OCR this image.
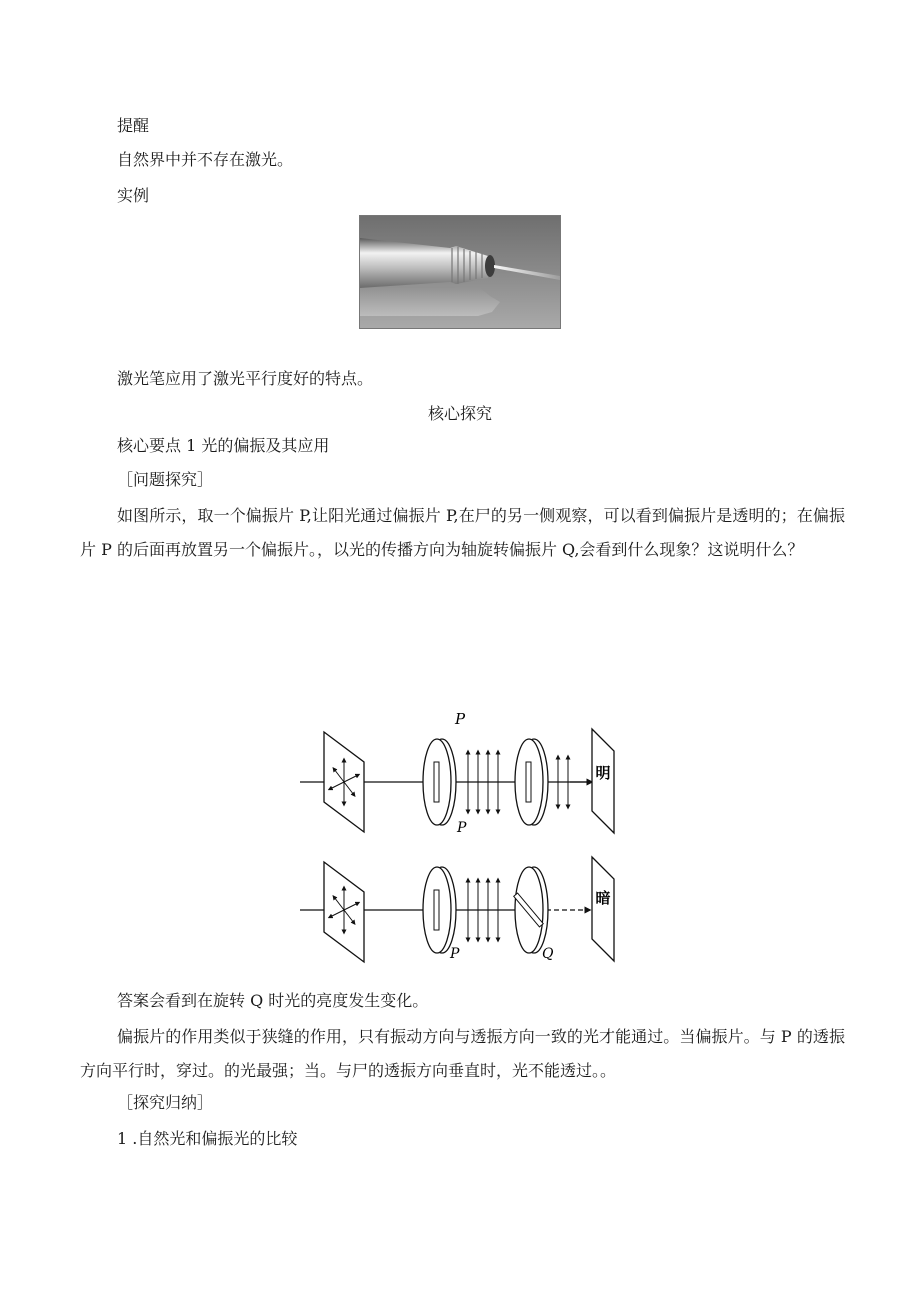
提醒
自然界中并不存在激光。
实例
激光笔应用了激光平行度好的特点。
核心探究
核心要点 1 光的偏振及其应用
［问题探究］
如图所示，取一个偏振片 P,让阳光通过偏振片 P,在尸的另一侧观察，可以看到偏振片是透明的；在偏振片 P 的后面再放置另一个偏振片。，以光的传播方向为轴旋转偏振片 Q,会看到什么现象？这说明什么？
P
P
明
P	Q
暗
答案会看到在旋转 Q 时光的亮度发生变化。
偏振片的作用类似于狭缝的作用，只有振动方向与透振方向一致的光才能通过。当偏振片。与 P 的透振方向平行时，穿过。的光最强；当。与尸的透振方向垂直时，光不能透过。。
［探究归纳］
1 .自然光和偏振光的比较
